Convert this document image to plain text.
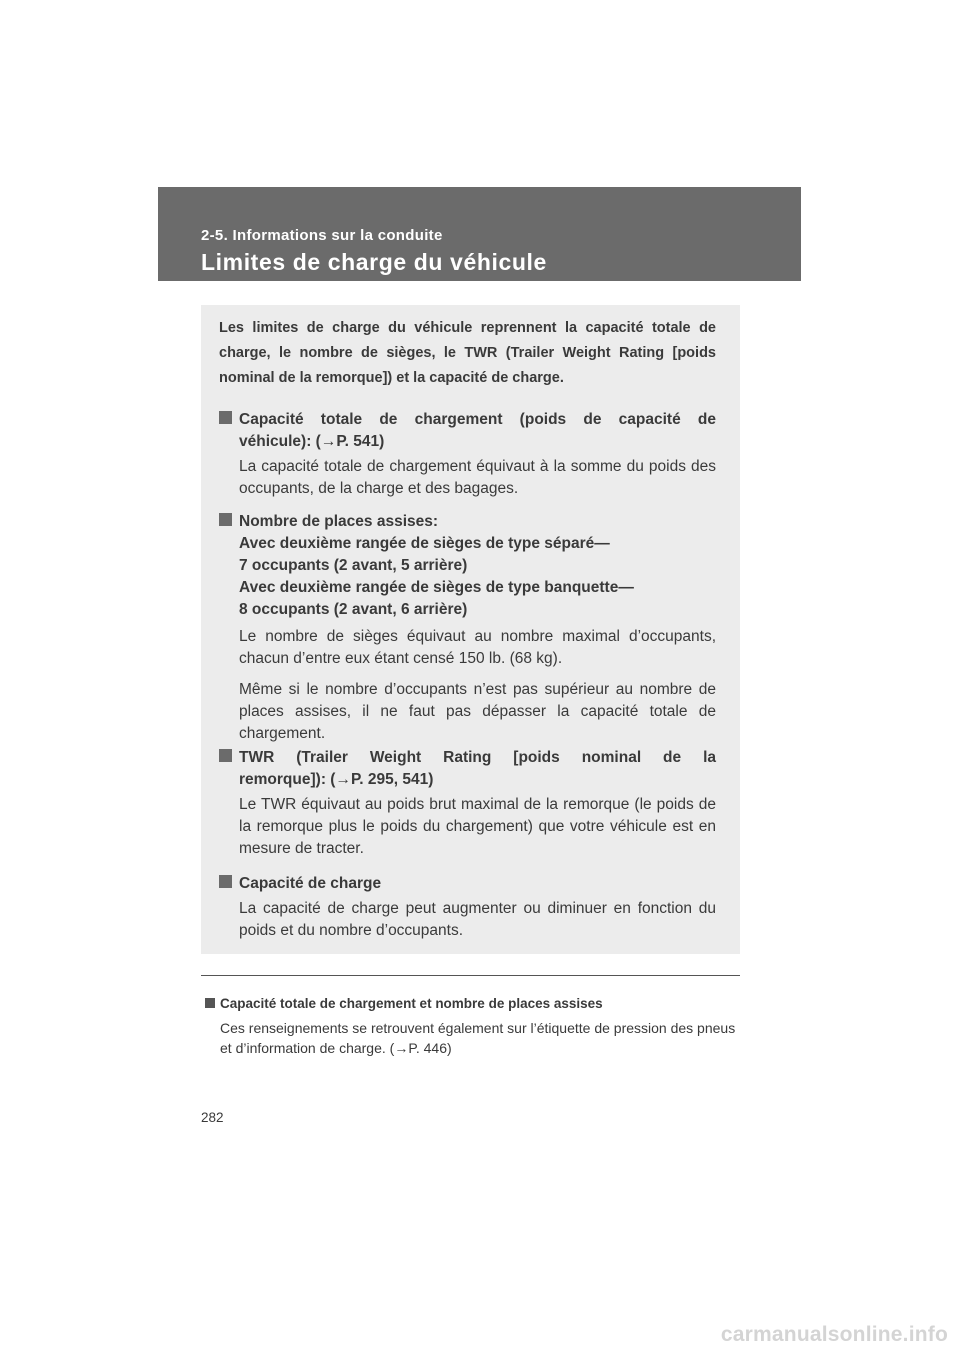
2-5. Informations sur la conduite
Limites de charge du véhicule
Les limites de charge du véhicule reprennent la capacité totale de charge, le nombre de sièges, le TWR (Trailer Weight Rating [poids nominal de la remorque]) et la capacité de charge.
Capacité totale de chargement (poids de capacité de
véhicule): (→P. 541)
La capacité totale de chargement équivaut à la somme du poids des occupants, de la charge et des bagages.
Nombre de places assises:
Avec deuxième rangée de sièges de type séparé—
7 occupants (2 avant, 5 arrière)
Avec deuxième rangée de sièges de type banquette—
8 occupants (2 avant, 6 arrière)
Le nombre de sièges équivaut au nombre maximal d’occupants, chacun d’entre eux étant censé 150 lb. (68 kg).
Même si le nombre d’occupants n’est pas supérieur au nombre de places assises, il ne faut pas dépasser la capacité totale de chargement.
TWR (Trailer Weight Rating [poids nominal de la
remorque]): (→P. 295, 541)
Le TWR équivaut au poids brut maximal de la remorque (le poids de la remorque plus le poids du chargement) que votre véhicule est en mesure de tracter.
Capacité de charge
La capacité de charge peut augmenter ou diminuer en fonction du poids et du nombre d’occupants.
Capacité totale de chargement et nombre de places assises
Ces renseignements se retrouvent également sur l’étiquette de pression des pneus et d’information de charge. (→P. 446)
282
carmanualsonline.info
